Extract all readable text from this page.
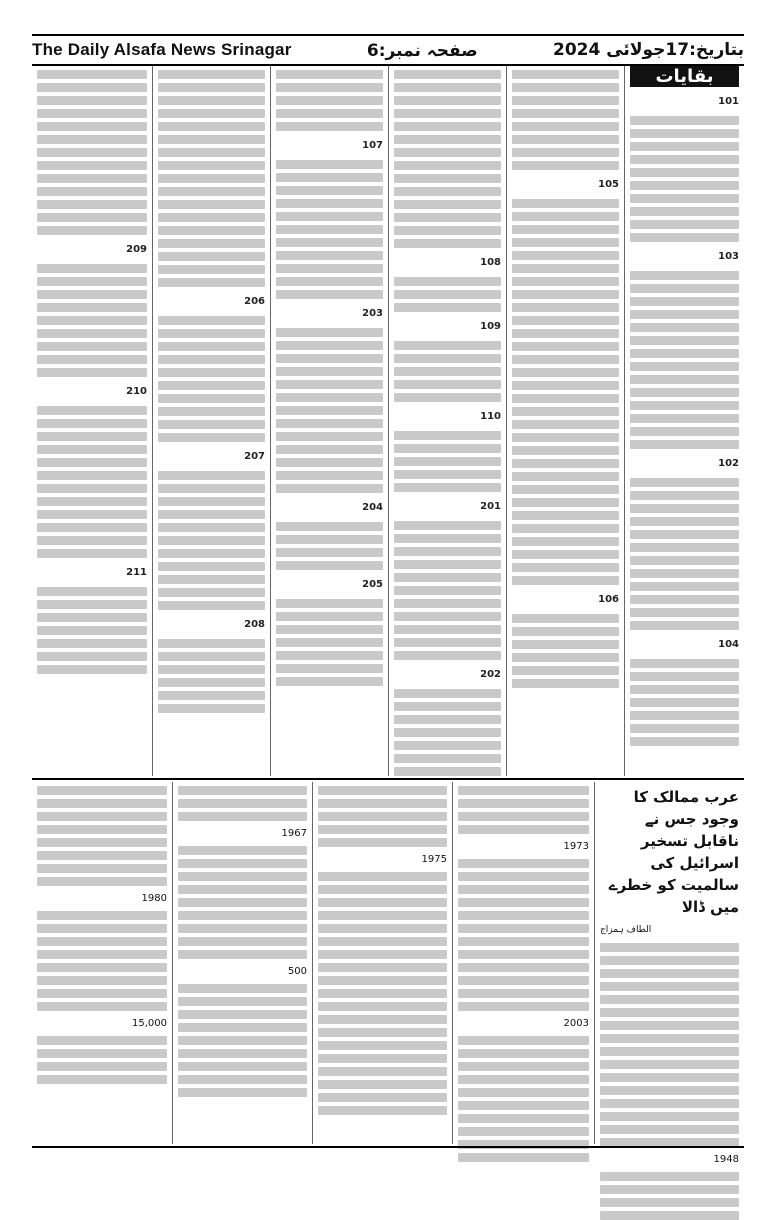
The Daily Alsafa News Srinagar	صفحہ نمبر:6	بتاریخ:17جولائی 2024
بقایات
101
103
102
104
105
106
108
109
110
201
202
107
203
204
205
206
207
208
209
210
211
عرب ممالک کا وجود جس نے ناقابل تسخیر اسرائیل کی سالمیت کو خطرے میں ڈالا
الطاف ہمزاج
1948
1973
2003
1975
1967
500
1980
15,000
